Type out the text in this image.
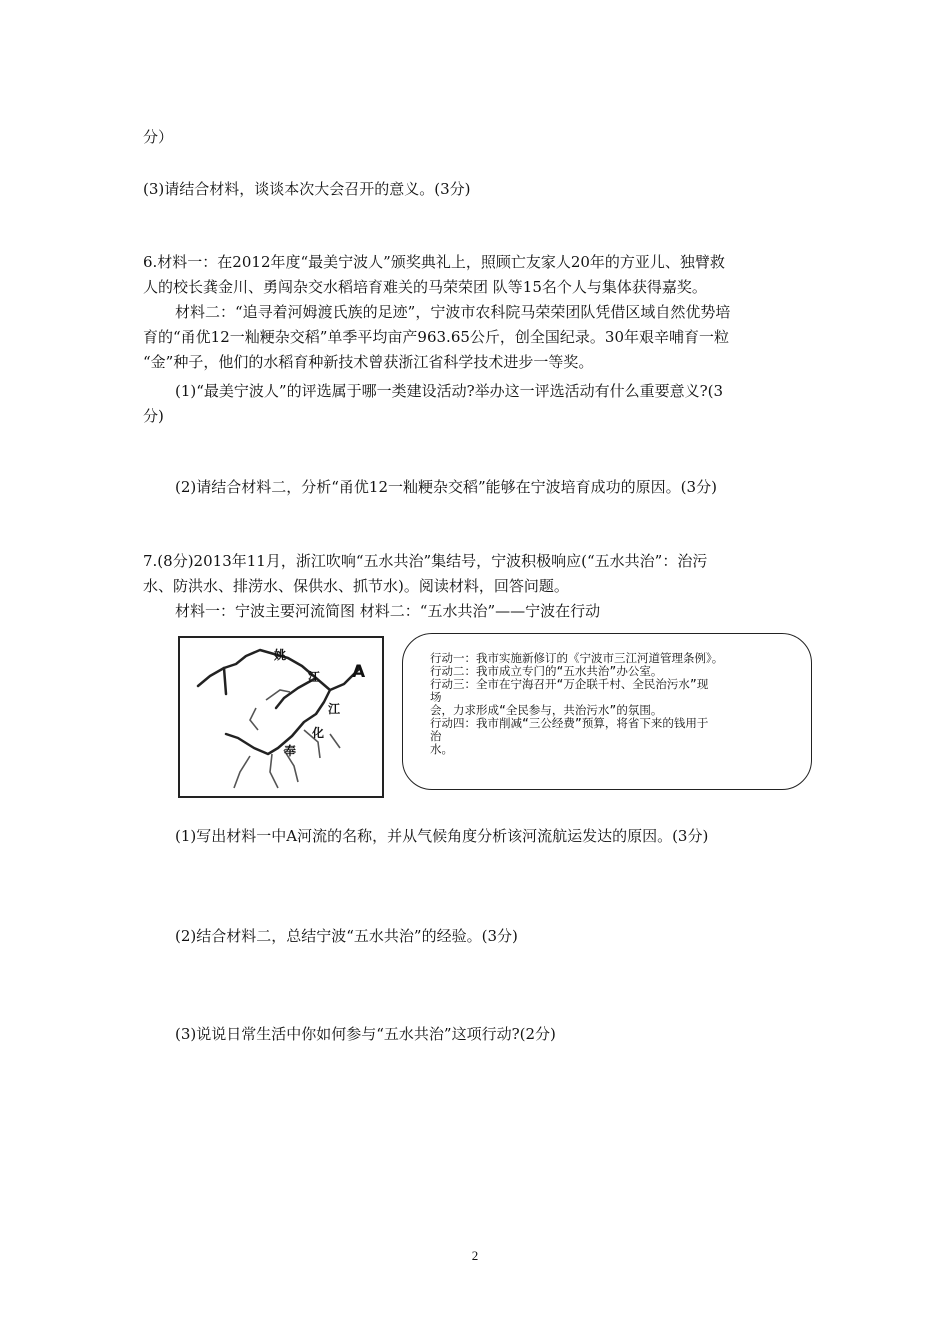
分）
(3)请结合材料，谈谈本次大会召开的意义。(3分)
6.材料一：在2012年度“最美宁波人”颁奖典礼上，照顾亡友家人20年的方亚儿、独臂救
人的校长龚金川、勇闯杂交水稻培育难关的马荣荣团 队等15名个人与集体获得嘉奖。
材料二：“追寻着河姆渡氏族的足迹”，宁波市农科院马荣荣团队凭借区域自然优势培
育的“甬优12一籼粳杂交稻”单季平均亩产963.65公斤，创全国纪录。30年艰辛哺育一粒
“金”种子，他们的水稻育种新技术曾获浙江省科学技术进步一等奖。
(1)“最美宁波人”的评选属于哪一类建设活动?举办这一评选活动有什么重要意义?(3
分)
(2)请结合材料二，分析“甬优12一籼粳杂交稻”能够在宁波培育成功的原因。(3分)
7.(8分)2013年11月，浙江吹响“五水共治”集结号，宁波积极响应(“五水共治”：治污
水、防洪水、排涝水、保供水、抓节水)。阅读材料，回答问题。
材料一：宁波主要河流简图 材料二：“五水共治”——宁波在行动
姚
江 A
江
化
奉
行动一：我市实施新修订的《宁波市三江河道管理条例》。
行动二：我市成立专门的“五水共治”办公室。
行动三：全市在宁海召开“万企联千村、全民治污水”现
场
会，力求形成“全民参与，共治污水”的氛围。
行动四：我市削减“三公经费”预算，将省下来的钱用于
治
水。
(1)写出材料一中A河流的名称，并从气候角度分析该河流航运发达的原因。(3分)
(2)结合材料二，总结宁波“五水共治”的经验。(3分)
(3)说说日常生活中你如何参与“五水共治”这项行动?(2分)
2
